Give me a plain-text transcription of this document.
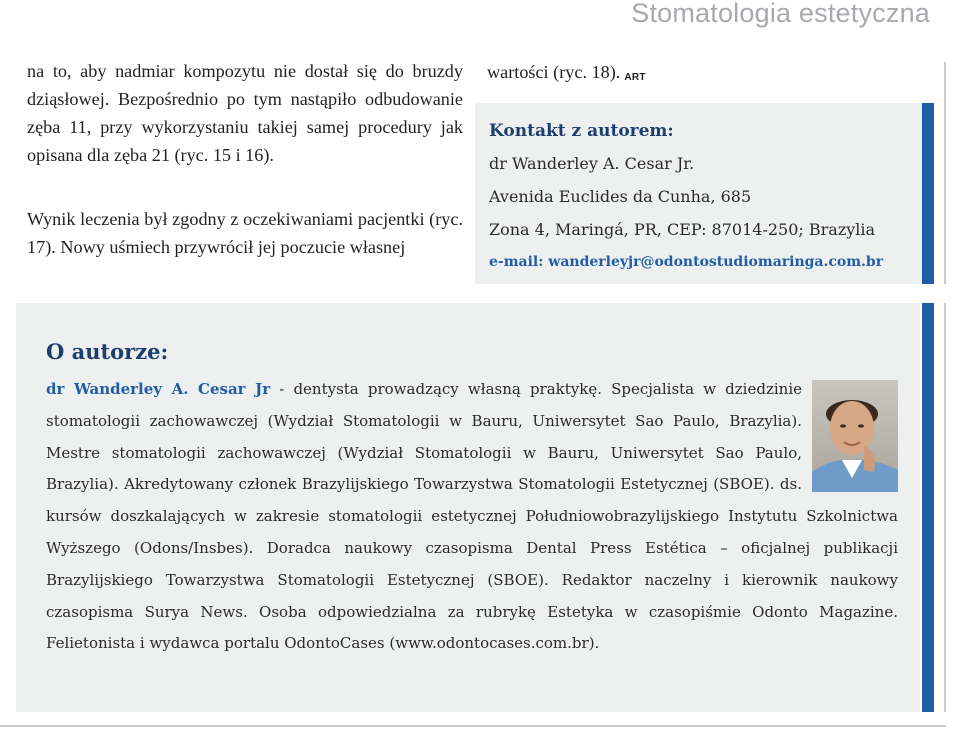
Stomatologia estetyczna

na to, aby nadmiar kompozytu nie dostał się do bruzdy dziąsłowej. Bezpośrednio po tym nastąpiło odbudowanie zęba 11, przy wykorzystaniu takiej samej procedury jak opisana dla zęba 21 (ryc. 15 i 16).

Wynik leczenia był zgodny z oczekiwaniami pacjentki (ryc. 17). Nowy uśmiech przywrócił jej poczucie własnej

wartości (ryc. 18). ART

Kontakt z autorem:

dr Wanderley A. Cesar Jr.

Avenida Euclides da Cunha, 685

Zona 4, Maringá, PR, CEP: 87014-250; Brazylia

e-mail: wanderleyjr@odontostudiomaringa.com.br

O autorze:

dr Wanderley A. Cesar Jr - dentysta prowadzący własną praktykę. Specjalista w dziedzinie stomatologii zachowawczej (Wydział Stomatologii w Bauru, Uniwersytet Sao Paulo, Brazylia). Mestre stomatologii zachowawczej (Wydział Stomatologii w Bauru, Uniwersytet Sao Paulo, Brazylia). Akredytowany członek Brazylijskiego Towarzystwa Stomatologii Estetycznej (SBOE). ds. kursów doszkalających w zakresie stomatologii estetycznej Południowobrazylijskiego Instytutu Szkolnictwa Wyższego (Odons/Insbes). Doradca naukowy czasopisma Dental Press Estética – oficjalnej publikacji Brazylijskiego Towarzystwa Stomatologii Estetycznej (SBOE). Redaktor naczelny i kierownik naukowy czasopisma Surya News. Osoba odpowiedzialna za rubrykę Estetyka w czasopiśmie Odonto Magazine. Felietonista i wydawca portalu OdontoCases (www.odontocases.com.br).
